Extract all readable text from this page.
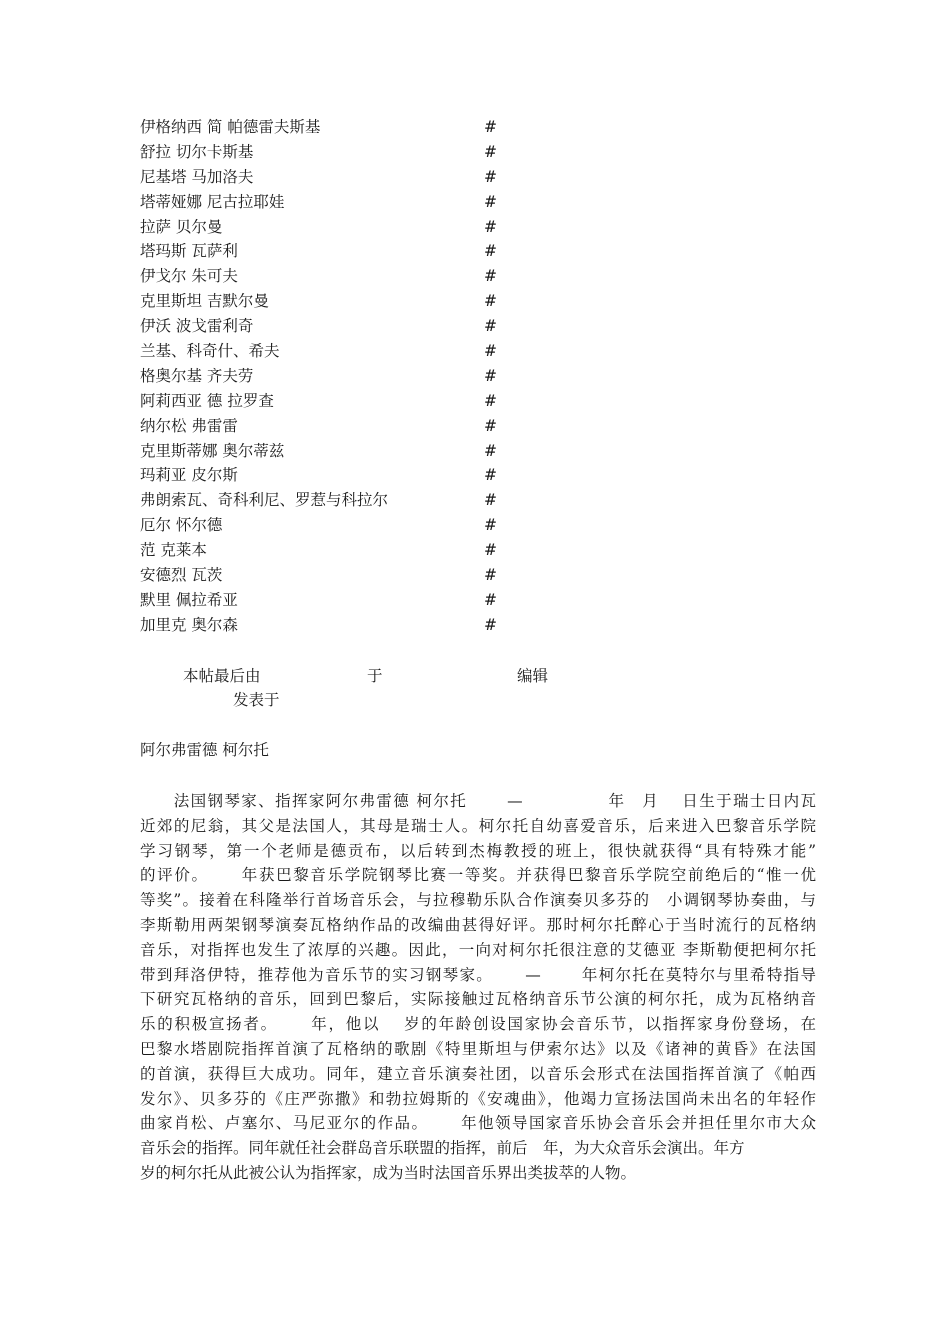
伊格纳西 简 帕德雷夫斯基	#
舒拉 切尔卡斯基	#
尼基塔 马加洛夫	#
塔蒂娅娜 尼古拉耶娃	#
拉萨 贝尔曼	#
塔玛斯 瓦萨利	#
伊戈尔 朱可夫	#
克里斯坦 吉默尔曼	#
伊沃 波戈雷利奇	#
兰基、科奇什、希夫	#
格奥尔基 齐夫劳	#
阿莉西亚 德 拉罗查	#
纳尔松 弗雷雷	#
克里斯蒂娜 奥尔蒂兹	#
玛莉亚 皮尔斯	#
弗朗索瓦、奇科利尼、罗惹与科拉尔	#
厄尔 怀尔德	#
范 克莱本	#
安德烈 瓦茨	#
默里 佩拉希亚	#
加里克 奥尔森	#
本帖最后由	于	编辑
发表于
阿尔弗雷德 柯尔托
　　法国钢琴家、指挥家阿尔弗雷德 柯尔托　　 —　　　　　年　月　 日生于瑞士日内瓦
近郊的尼翁，其父是法国人，其母是瑞士人。柯尔托自幼喜爱音乐，后来进入巴黎音乐学院
学习钢琴，第一个老师是德贡布，以后转到杰梅教授的班上，很快就获得“具有特殊才能”
的评价。　　 年获巴黎音乐学院钢琴比赛一等奖。并获得巴黎音乐学院空前绝后的“惟一优
等奖”。接着在科隆举行首场音乐会，与拉穆勒乐队合作演奏贝多芬的　小调钢琴协奏曲，与
李斯勒用两架钢琴演奏瓦格纳作品的改编曲甚得好评。那时柯尔托醉心于当时流行的瓦格纳
音乐，对指挥也发生了浓厚的兴趣。因此，一向对柯尔托很注意的艾德亚 李斯勒便把柯尔托
带到拜洛伊特，推荐他为音乐节的实习钢琴家。　　 —　　 年柯尔托在莫特尔与里希特指导
下研究瓦格纳的音乐，回到巴黎后，实际接触过瓦格纳音乐节公演的柯尔托，成为瓦格纳音
乐的积极宣扬者。　　 年，他以　 岁的年龄创设国家协会音乐节，以指挥家身份登场，在
巴黎水塔剧院指挥首演了瓦格纳的歌剧《特里斯坦与伊索尔达》以及《诸神的黄昏》在法国
的首演，获得巨大成功。同年，建立音乐演奏社团，以音乐会形式在法国指挥首演了《帕西
发尔》、贝多芬的《庄严弥撒》和勃拉姆斯的《安魂曲》，他竭力宣扬法国尚未出名的年轻作
曲家肖松、卢塞尔、马尼亚尔的作品。　　 年他领导国家音乐协会音乐会并担任里尔市大众
音乐会的指挥。同年就任社会群岛音乐联盟的指挥，前后　年，为大众音乐会演出。年方
岁的柯尔托从此被公认为指挥家，成为当时法国音乐界出类拔萃的人物。
